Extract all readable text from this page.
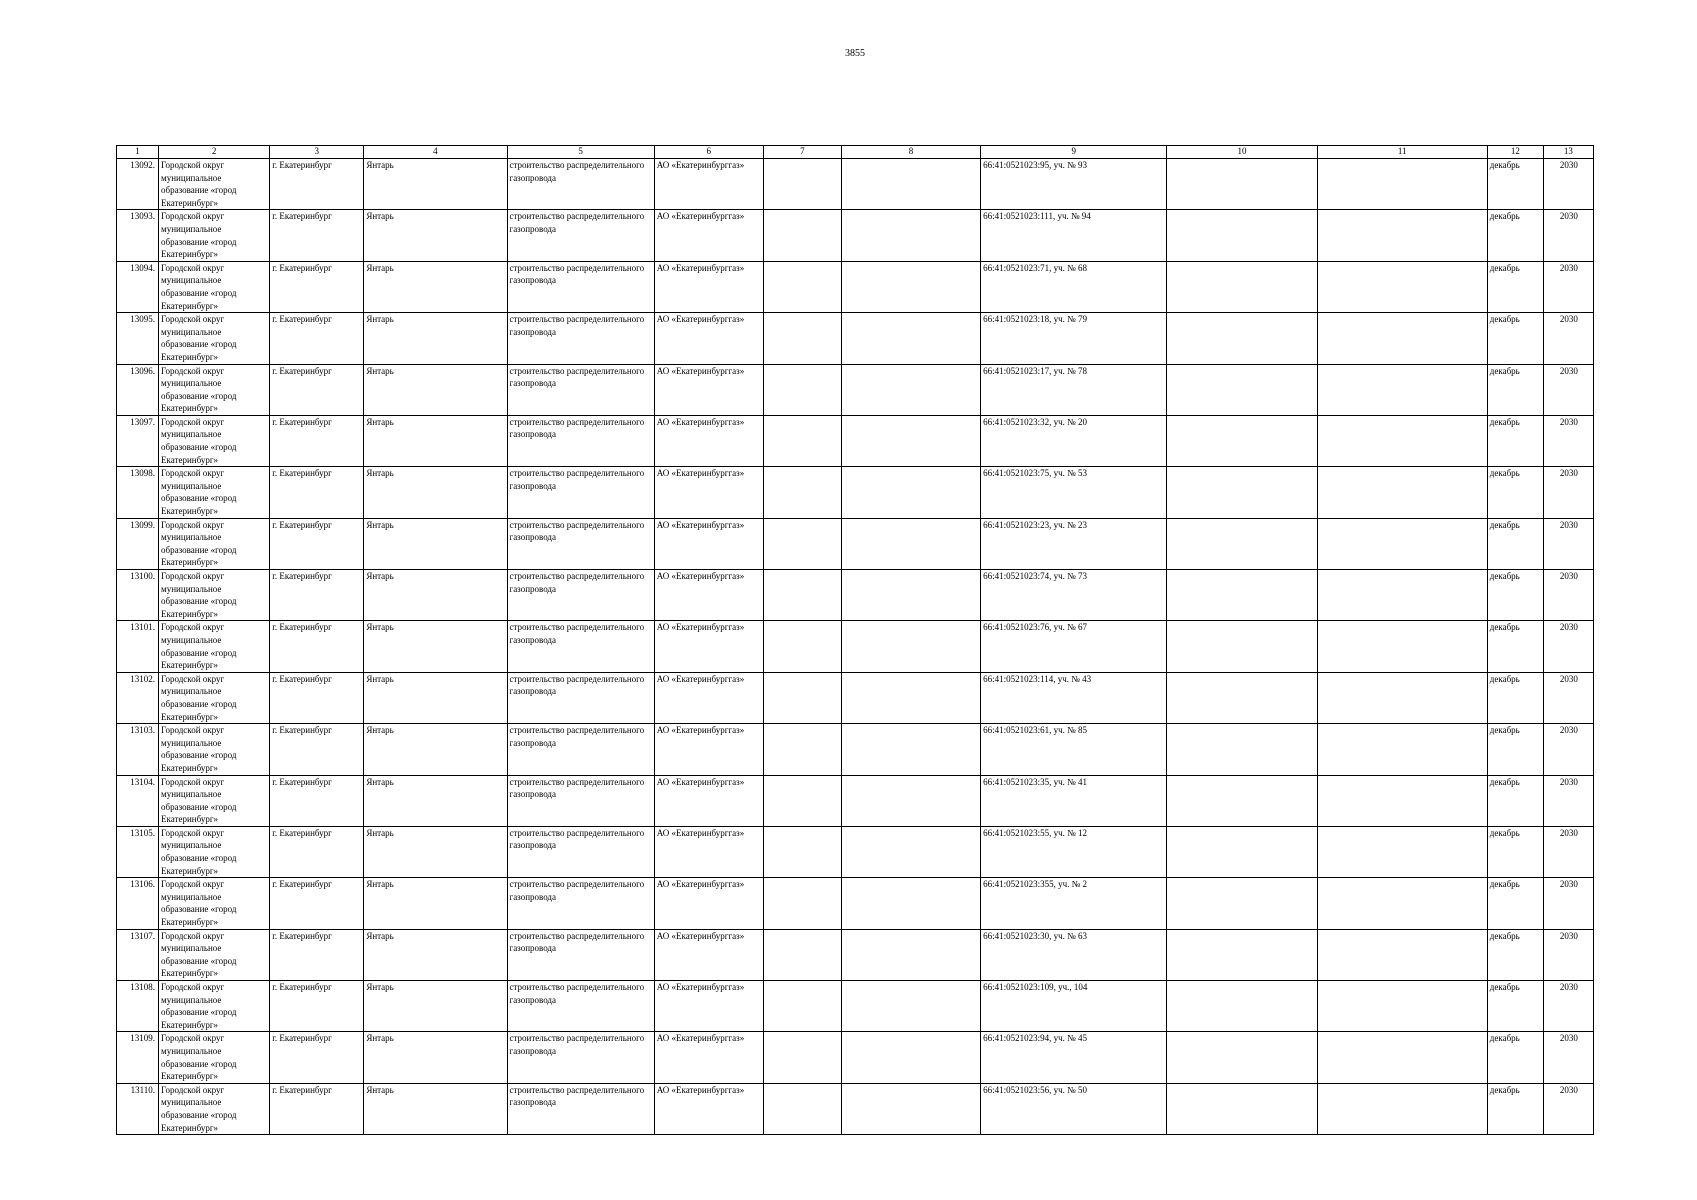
3855
1	2	3	4	5	6	7	8	9	10	11	12	13
13092.	Городской округ муниципальное образование «город Екатеринбург»	г. Екатеринбург	Янтарь	строительство распределительного газопровода	АО «Екатеринбурггаз»			66:41:0521023:95, уч. № 93			декабрь	2030
13093.	Городской округ муниципальное образование «город Екатеринбург»	г. Екатеринбург	Янтарь	строительство распределительного газопровода	АО «Екатеринбурггаз»			66:41:0521023:111, уч. № 94			декабрь	2030
13094.	Городской округ муниципальное образование «город Екатеринбург»	г. Екатеринбург	Янтарь	строительство распределительного газопровода	АО «Екатеринбурггаз»			66:41:0521023:71, уч. № 68			декабрь	2030
13095.	Городской округ муниципальное образование «город Екатеринбург»	г. Екатеринбург	Янтарь	строительство распределительного газопровода	АО «Екатеринбурггаз»			66:41:0521023:18, уч. № 79			декабрь	2030
13096.	Городской округ муниципальное образование «город Екатеринбург»	г. Екатеринбург	Янтарь	строительство распределительного газопровода	АО «Екатеринбурггаз»			66:41:0521023:17, уч. № 78			декабрь	2030
13097.	Городской округ муниципальное образование «город Екатеринбург»	г. Екатеринбург	Янтарь	строительство распределительного газопровода	АО «Екатеринбурггаз»			66:41:0521023:32, уч. № 20			декабрь	2030
13098.	Городской округ муниципальное образование «город Екатеринбург»	г. Екатеринбург	Янтарь	строительство распределительного газопровода	АО «Екатеринбурггаз»			66:41:0521023:75, уч. № 53			декабрь	2030
13099.	Городской округ муниципальное образование «город Екатеринбург»	г. Екатеринбург	Янтарь	строительство распределительного газопровода	АО «Екатеринбурггаз»			66:41:0521023:23, уч. № 23			декабрь	2030
13100.	Городской округ муниципальное образование «город Екатеринбург»	г. Екатеринбург	Янтарь	строительство распределительного газопровода	АО «Екатеринбурггаз»			66:41:0521023:74, уч. № 73			декабрь	2030
13101.	Городской округ муниципальное образование «город Екатеринбург»	г. Екатеринбург	Янтарь	строительство распределительного газопровода	АО «Екатеринбурггаз»			66:41:0521023:76, уч. № 67			декабрь	2030
13102.	Городской округ муниципальное образование «город Екатеринбург»	г. Екатеринбург	Янтарь	строительство распределительного газопровода	АО «Екатеринбурггаз»			66:41:0521023:114, уч. № 43			декабрь	2030
13103.	Городской округ муниципальное образование «город Екатеринбург»	г. Екатеринбург	Янтарь	строительство распределительного газопровода	АО «Екатеринбурггаз»			66:41:0521023:61, уч. № 85			декабрь	2030
13104.	Городской округ муниципальное образование «город Екатеринбург»	г. Екатеринбург	Янтарь	строительство распределительного газопровода	АО «Екатеринбурггаз»			66:41:0521023:35, уч. № 41			декабрь	2030
13105.	Городской округ муниципальное образование «город Екатеринбург»	г. Екатеринбург	Янтарь	строительство распределительного газопровода	АО «Екатеринбурггаз»			66:41:0521023:55, уч. № 12			декабрь	2030
13106.	Городской округ муниципальное образование «город Екатеринбург»	г. Екатеринбург	Янтарь	строительство распределительного газопровода	АО «Екатеринбурггаз»			66:41:0521023:355, уч. № 2			декабрь	2030
13107.	Городской округ муниципальное образование «город Екатеринбург»	г. Екатеринбург	Янтарь	строительство распределительного газопровода	АО «Екатеринбурггаз»			66:41:0521023:30, уч. № 63			декабрь	2030
13108.	Городской округ муниципальное образование «город Екатеринбург»	г. Екатеринбург	Янтарь	строительство распределительного газопровода	АО «Екатеринбурггаз»			66:41:0521023:109, уч., 104			декабрь	2030
13109.	Городской округ муниципальное образование «город Екатеринбург»	г. Екатеринбург	Янтарь	строительство распределительного газопровода	АО «Екатеринбурггаз»			66:41:0521023:94, уч. № 45			декабрь	2030
13110.	Городской округ муниципальное образование «город Екатеринбург»	г. Екатеринбург	Янтарь	строительство распределительного газопровода	АО «Екатеринбурггаз»			66:41:0521023:56, уч. № 50			декабрь	2030
